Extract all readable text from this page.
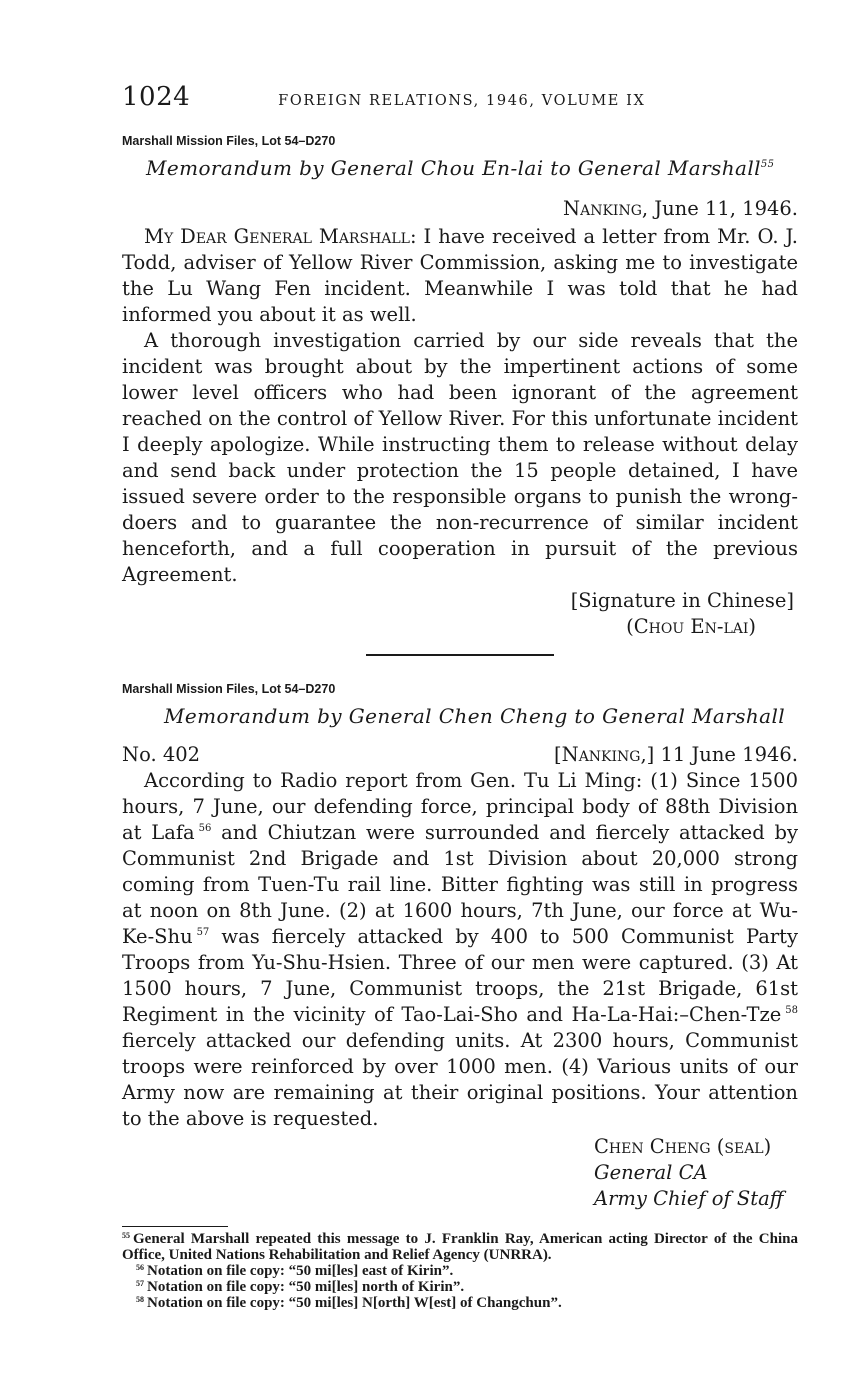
1024	FOREIGN RELATIONS, 1946, VOLUME IX
Marshall Mission Files, Lot 54–D270
Memorandum by General Chou En-lai to General Marshall$^{55}$
Nanking, June 11, 1946.

My Dear General Marshall: I have received a letter from Mr. O. J. Todd, adviser of Yellow River Commission, asking me to investigate the Lu Wang Fen incident. Meanwhile I was told that he had informed you about it as well.

A thorough investigation carried by our side reveals that the incident was brought about by the impertinent actions of some lower level officers who had been ignorant of the agreement reached on the control of Yellow River. For this unfortunate incident I deeply apologize. While instructing them to release without delay and send back under protection the 15 people detained, I have issued severe order to the responsible organs to punish the wrong-doers and to guarantee the non-recurrence of similar incident henceforth, and a full cooperation in pursuit of the previous Agreement.

[Signature in Chinese]
(Chou En-lai)
Marshall Mission Files, Lot 54–D270
Memorandum by General Chen Cheng to General Marshall
No. 402	[Nanking,] 11 June 1946.

According to Radio report from Gen. Tu Li Ming: (1) Since 1500 hours, 7 June, our defending force, principal body of 88th Division at Lafa  $^{56}$ and Chiutzan were surrounded and fiercely attacked by Communist 2nd Brigade and 1st Division about 20,000 strong coming from Tuen-Tu rail line. Bitter fighting was still in progress at noon on 8th June. (2) at 1600 hours, 7th June, our force at Wu-Ke-Shu  $^{57}$ was fiercely attacked by 400 to 500 Communist Party Troops from Yu-Shu-Hsien. Three of our men were captured. (3) At 1500 hours, 7 June, Communist troops, the 21st Brigade, 61st Regiment in the vicinity of Tao-Lai-Sho and Ha-La-Hai:–Chen-Tze  $^{58}$ fiercely attacked our defending units. At 2300 hours, Communist troops were reinforced by over 1000 men. (4) Various units of our Army now are remaining at their original positions. Your attention to the above is requested.

Chen Cheng (seal)
General CA
Army Chief of Staff
$^{55}$  General Marshall repeated this message to J. Franklin Ray, American acting Director of the China Office, United Nations Rehabilitation and Relief Agency (UNRRA).
$^{56}$  Notation on file copy: “50 mi[les] east of Kirin”.
$^{57}$  Notation on file copy: “50 mi[les] north of Kirin”.
$^{58}$  Notation on file copy: “50 mi[les] N[orth] W[est] of Changchun”.
